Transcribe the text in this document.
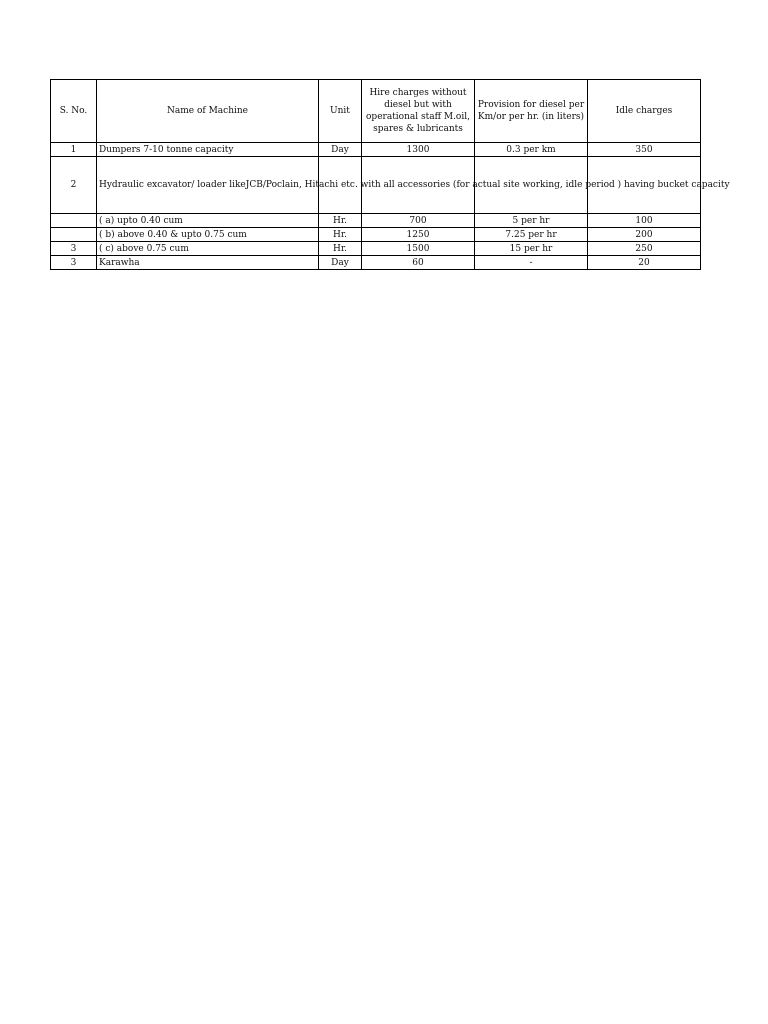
S. No.	Name of Machine	Unit	Hire charges without diesel but with operational staff M.oil, spares & lubricants	Provision for diesel per Km/or per hr. (in liters)	Idle charges
1	Dumpers 7-10 tonne capacity	Day	1300	0.3 per km	350
2	Hydraulic excavator/ loader likeJCB/Poclain, Hitachi etc. with all accessories (for actual site working, idle period ) having bucket capacity				
	( a) upto 0.40 cum	Hr.	700	5 per hr	100
	( b) above 0.40 & upto 0.75 cum	Hr.	1250	7.25 per hr	200
3	( c) above 0.75 cum	Hr.	1500	15 per hr	250
3	Karawha	Day	60	-	20
